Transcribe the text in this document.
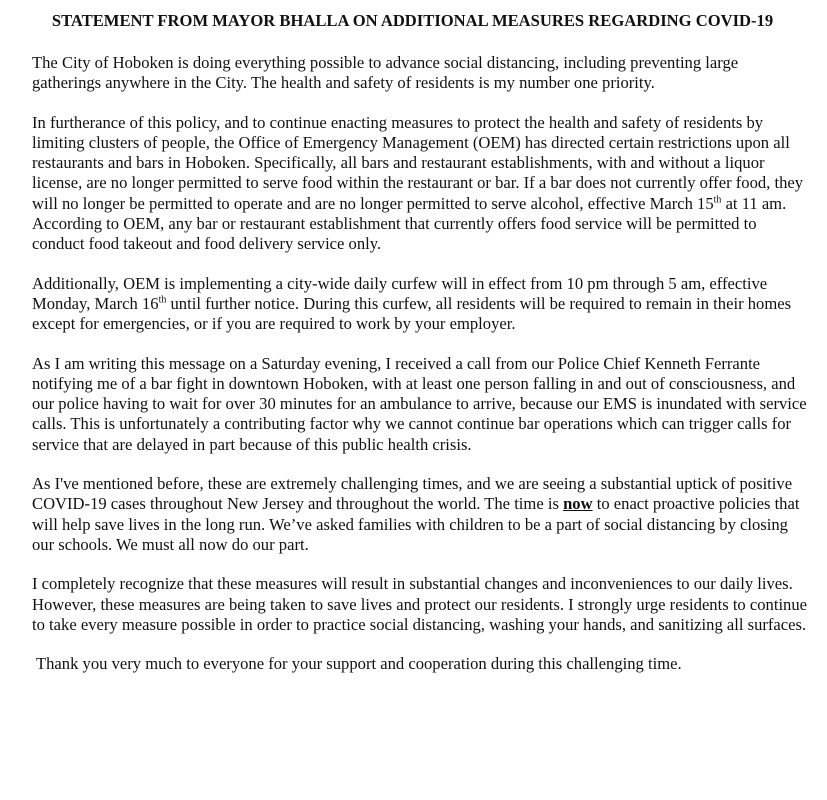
STATEMENT FROM MAYOR BHALLA ON ADDITIONAL MEASURES REGARDING COVID-19

The City of Hoboken is doing everything possible to advance social distancing, including preventing large gatherings anywhere in the City. The health and safety of residents is my number one priority.

In furtherance of this policy, and to continue enacting measures to protect the health and safety of residents by limiting clusters of people, the Office of Emergency Management (OEM) has directed certain restrictions upon all restaurants and bars in Hoboken. Specifically, all bars and restaurant establishments, with and without a liquor license, are no longer permitted to serve food within the restaurant or bar. If a bar does not currently offer food, they will no longer be permitted to operate and are no longer permitted to serve alcohol, effective March 15th at 11 am. According to OEM, any bar or restaurant establishment that currently offers food service will be permitted to conduct food takeout and food delivery service only.

Additionally, OEM is implementing a city-wide daily curfew will in effect from 10 pm through 5 am, effective Monday, March 16th until further notice. During this curfew, all residents will be required to remain in their homes except for emergencies, or if you are required to work by your employer.

As I am writing this message on a Saturday evening, I received a call from our Police Chief Kenneth Ferrante notifying me of a bar fight in downtown Hoboken, with at least one person falling in and out of consciousness, and our police having to wait for over 30 minutes for an ambulance to arrive, because our EMS is inundated with service calls. This is unfortunately a contributing factor why we cannot continue bar operations which can trigger calls for service that are delayed in part because of this public health crisis.

As I've mentioned before, these are extremely challenging times, and we are seeing a substantial uptick of positive COVID-19 cases throughout New Jersey and throughout the world. The time is now to enact proactive policies that will help save lives in the long run. We’ve asked families with children to be a part of social distancing by closing our schools. We must all now do our part.

I completely recognize that these measures will result in substantial changes and inconveniences to our daily lives. However, these measures are being taken to save lives and protect our residents. I strongly urge residents to continue to take every measure possible in order to practice social distancing, washing your hands, and sanitizing all surfaces.

Thank you very much to everyone for your support and cooperation during this challenging time.
